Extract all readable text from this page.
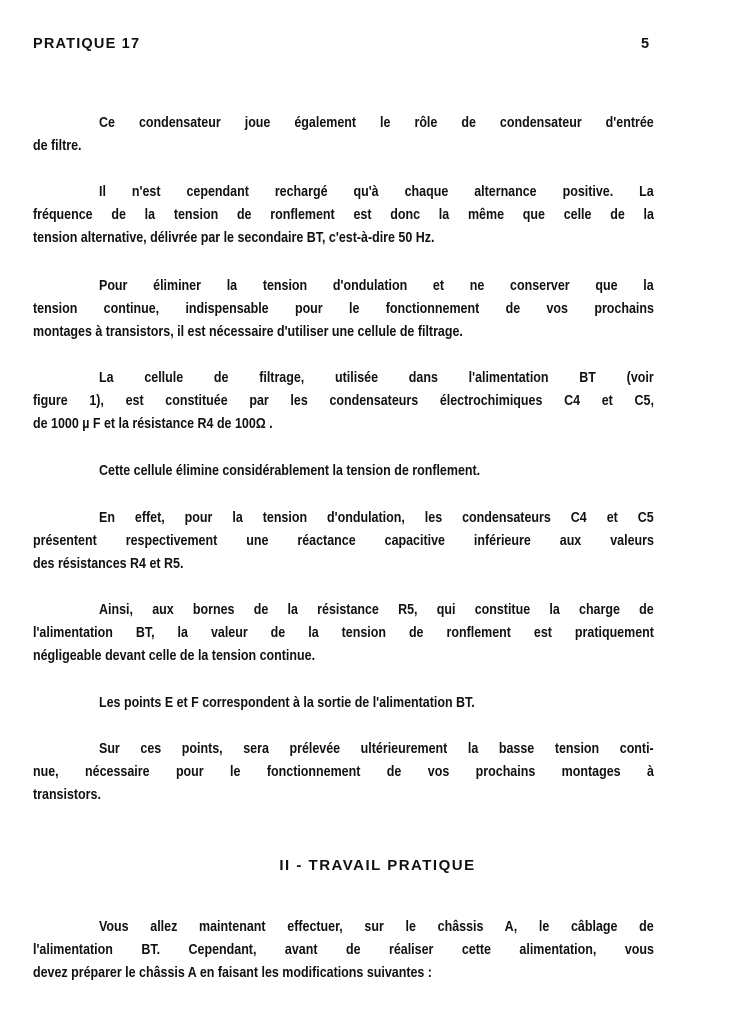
PRATIQUE 17	5
Ce condensateur joue également le rôle de condensateur d'entrée
de filtre.
Il n'est cependant rechargé qu'à chaque alternance positive. La
fréquence de la tension de ronflement est donc la même que celle de la
tension alternative, délivrée par le secondaire BT, c'est-à-dire 50 Hz.
Pour éliminer la tension d'ondulation et ne conserver que la
tension continue, indispensable pour le fonctionnement de vos prochains
montages à transistors, il est nécessaire d'utiliser une cellule de filtrage.
La cellule de filtrage, utilisée dans l'alimentation BT (voir
figure 1), est constituée par les condensateurs électrochimiques C4 et C5,
de 1000 µ F et la résistance R4 de 100Ω .
Cette cellule élimine considérablement la tension de ronflement.
En effet, pour la tension d'ondulation, les condensateurs C4 et C5
présentent respectivement une réactance capacitive inférieure aux valeurs
des résistances R4 et R5.
Ainsi, aux bornes de la résistance R5, qui constitue la charge de
l'alimentation BT, la valeur de la tension de ronflement est pratiquement
négligeable devant celle de la tension continue.
Les points E et F correspondent à la sortie de l'alimentation BT.
Sur ces points, sera prélevée ultérieurement la basse tension conti-
nue, nécessaire pour le fonctionnement de vos prochains montages à
transistors.
II - TRAVAIL PRATIQUE
Vous allez maintenant effectuer, sur le châssis A, le câblage de
l'alimentation BT. Cependant, avant de réaliser cette alimentation, vous
devez préparer le châssis A en faisant les modifications suivantes :
